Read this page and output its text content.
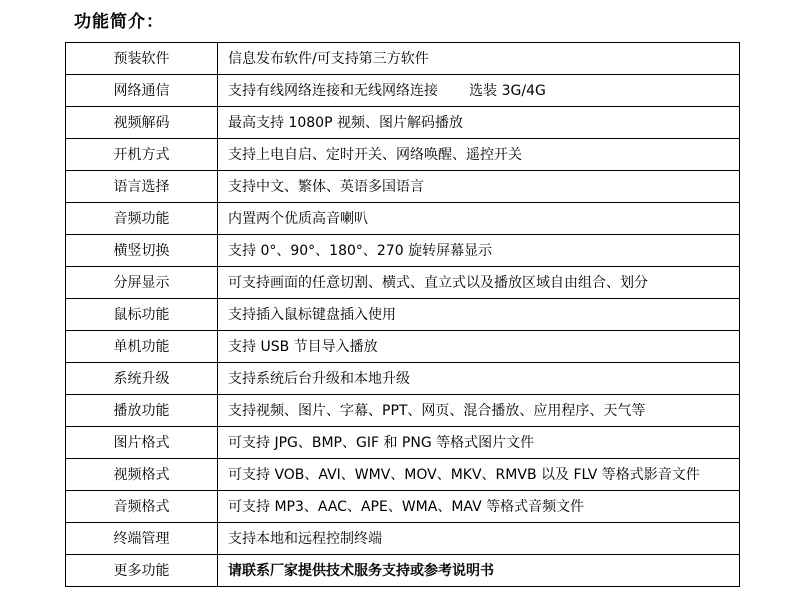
功能简介：
预装软件	信息发布软件/可支持第三方软件
网络通信	支持有线网络连接和无线网络连接       选装 3G/4G
视频解码	最高支持 1080P 视频、图片解码播放
开机方式	支持上电自启、定时开关、网络唤醒、遥控开关
语言选择	支持中文、繁体、英语多国语言
音频功能	内置两个优质高音喇叭
横竖切换	支持 0°、90°、180°、270 旋转屏幕显示
分屏显示	可支持画面的任意切割、横式、直立式以及播放区域自由组合、划分
鼠标功能	支持插入鼠标键盘插入使用
单机功能	支持 USB 节目导入播放
系统升级	支持系统后台升级和本地升级
播放功能	支持视频、图片、字幕、PPT、网页、混合播放、应用程序、天气等
图片格式	可支持 JPG、BMP、GIF 和 PNG 等格式图片文件
视频格式	可支持 VOB、AVI、WMV、MOV、MKV、RMVB 以及 FLV 等格式影音文件
音频格式	可支持 MP3、AAC、APE、WMA、MAV 等格式音频文件
终端管理	支持本地和远程控制终端
更多功能	请联系厂家提供技术服务支持或参考说明书
